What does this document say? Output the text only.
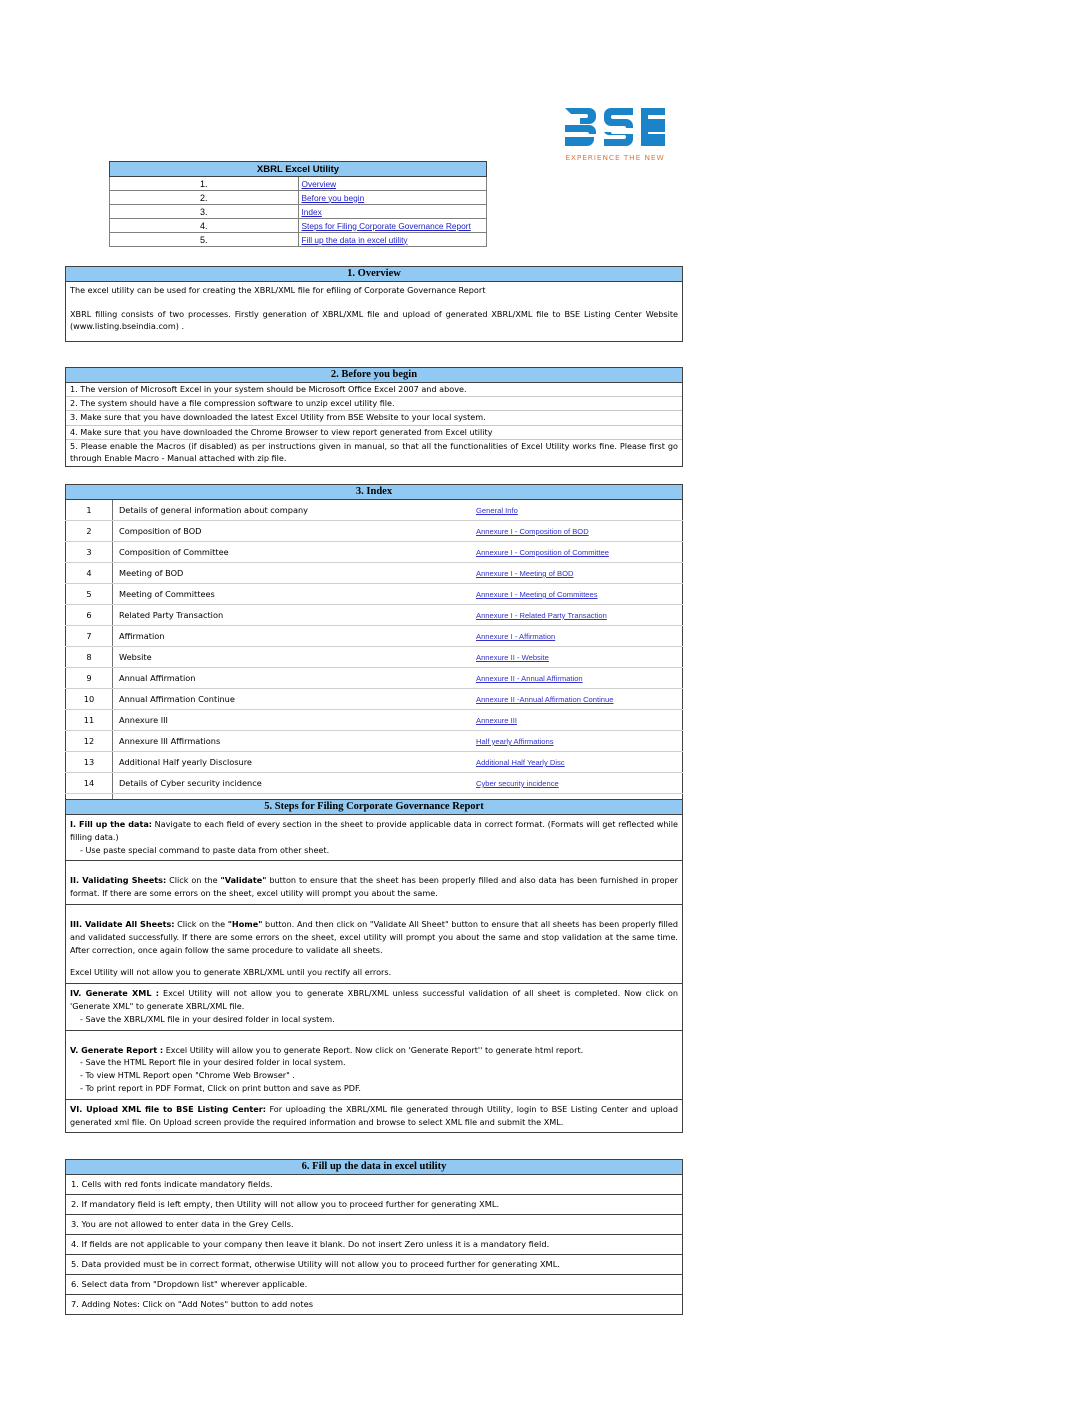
EXPERIENCE THE NEW
XBRL Excel Utility	
1.	Overview
2.	Before you begin
3.	Index
4.	Steps for Filing Corporate Governance Report
5.	Fill up the data in excel utility
1. Overview

The excel utility can be used for creating the XBRL/XML file for efiling of Corporate Governance Report

XBRL filling consists of two processes. Firstly generation of XBRL/XML file and upload of generated XBRL/XML file to BSE Listing Center Website (www.listing.bseindia.com) .

2. Before you begin
1. The version of Microsoft Excel in your system should be Microsoft Office Excel 2007 and above.
2. The system should have a file compression software to unzip excel utility file.
3. Make sure that you have downloaded the latest Excel Utility from BSE Website to your local system.
4. Make sure that you have downloaded the Chrome Browser to view report generated from Excel utility
5. Please enable the Macros (if disabled) as per instructions given in manual, so that all the functionalities of Excel Utility works fine. Please first go through Enable Macro - Manual attached with zip file.
3. Index
1	Details of general information about company	General Info
2	Composition of BOD	Annexure I - Composition of BOD
3	Composition of Committee	Annexure I - Composition of Committee
4	Meeting of BOD	Annexure I - Meeting of BOD
5	Meeting of Committees	Annexure I - Meeting of Committees
6	Related Party Transaction	Annexure I - Related Party Transaction
7	Affirmation	Annexure I - Affirmation
8	Website	Annexure II - Website
9	Annual Affirmation	Annexure II - Annual Affirmation
10	Annual Affirmation Continue	Annexure II -Annual Affirmation Continue
11	Annexure III	Annexure III
12	Annexure III Affirmations	Half yearly Affirmations
13	Additional Half yearly Disclosure	Additional Half Yearly Disc
14	Details of Cyber security incidence	Cyber security incidence

5. Steps for Filing Corporate Governance Report

I. Fill up the data: Navigate to each field of every section in the sheet to provide applicable data in correct format. (Formats will get reflected while filling data.)

- Use paste special command to paste data from other sheet.

II. Validating Sheets: Click on the "Validate" button to ensure that the sheet has been properly filled and also data has been furnished in proper format. If there are some errors on the sheet, excel utility will prompt you about the same.

III. Validate All Sheets: Click on the "Home" button. And then click on "Validate All Sheet" button to ensure that all sheets has been properly filled and validated successfully. If there are some errors on the sheet, excel utility will prompt you about the same and stop validation at the same time. After correction, once again follow the same procedure to validate all sheets.

Excel Utility will not allow you to generate XBRL/XML until you rectify all errors.

IV. Generate XML : Excel Utility will not allow you to generate XBRL/XML unless successful validation of all sheet is completed. Now click on 'Generate XML" to generate XBRL/XML file.

- Save the XBRL/XML file in your desired folder in local system.

V. Generate Report : Excel Utility will allow you to generate Report. Now click on 'Generate Report'' to generate html report.

- Save the HTML Report file in your desired folder in local system.

- To view HTML Report open "Chrome Web Browser" .

- To print report in PDF Format, Click on print button and save as PDF.

VI. Upload XML file to BSE Listing Center: For uploading the XBRL/XML file generated through Utility, login to BSE Listing Center and upload generated xml file. On Upload screen provide the required information and browse to select XML file and submit the XML.

6. Fill up the data in excel utility
1. Cells with red fonts indicate mandatory fields.
2. If mandatory field is left empty, then Utility will not allow you to proceed further for generating XML.
3. You are not allowed to enter data in the Grey Cells.
4. If fields are not applicable to your company then leave it blank. Do not insert Zero unless it is a mandatory field.
5. Data provided must be in correct format, otherwise Utility will not allow you to proceed further for generating XML.
6. Select data from "Dropdown list" wherever applicable.
7. Adding Notes: Click on "Add Notes" button to add notes
